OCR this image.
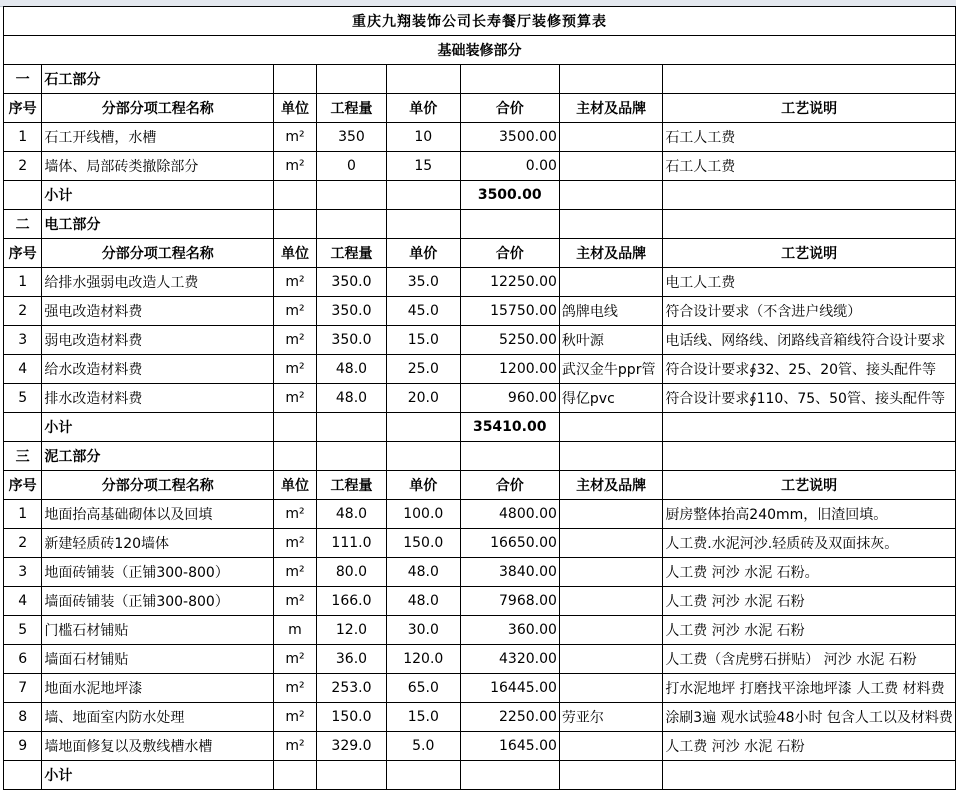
重庆九翔装饰公司长寿餐厅装修预算表							
基础装修部分							
一	石工部分						
序号	分部分项工程名称	单位	工程量	单价	合价	主材及品牌	工艺说明
1	石工开线槽，水槽	m²	350	10	3500.00		石工人工费
2	墙体、局部砖类撤除部分	m²	0	15	0.00		石工人工费
	小计				3500.00		
二	电工部分						
序号	分部分项工程名称	单位	工程量	单价	合价	主材及品牌	工艺说明
1	给排水强弱电改造人工费	m²	350.0	35.0	12250.00		电工人工费
2	强电改造材料费	m²	350.0	45.0	15750.00	鸽牌电线	符合设计要求（不含进户线缆）
3	弱电改造材料费	m²	350.0	15.0	5250.00	秋叶源	电话线、网络线、闭路线音箱线符合设计要求
4	给水改造材料费	m²	48.0	25.0	1200.00	武汉金牛ppr管	符合设计要求∮32、25、20管、接头配件等
5	排水改造材料费	m²	48.0	20.0	960.00	得亿pvc	符合设计要求∮110、75、50管、接头配件等
	小计				35410.00		
三	泥工部分						
序号	分部分项工程名称	单位	工程量	单价	合价	主材及品牌	工艺说明
1	地面抬高基础砌体以及回填	m²	48.0	100.0	4800.00		厨房整体抬高240mm，旧渣回填。
2	新建轻质砖120墙体	m²	111.0	150.0	16650.00		人工费.水泥河沙.轻质砖及双面抹灰。
3	地面砖铺装（正铺300-800）	m²	80.0	48.0	3840.00		人工费 河沙 水泥 石粉。
4	墙面砖铺装（正铺300-800）	m²	166.0	48.0	7968.00		人工费 河沙 水泥 石粉
5	门槛石材铺贴	m	12.0	30.0	360.00		人工费 河沙 水泥 石粉
6	墙面石材铺贴	m²	36.0	120.0	4320.00		人工费（含虎劈石拼贴） 河沙 水泥 石粉
7	地面水泥地坪漆	m²	253.0	65.0	16445.00		打水泥地坪 打磨找平涂地坪漆 人工费 材料费
8	墙、地面室内防水处理	m²	150.0	15.0	2250.00	劳亚尔	涂刷3遍 观水试验48小时 包含人工以及材料费
9	墙地面修复以及敷线槽水槽	m²	329.0	5.0	1645.00		人工费 河沙 水泥 石粉
	小计						
